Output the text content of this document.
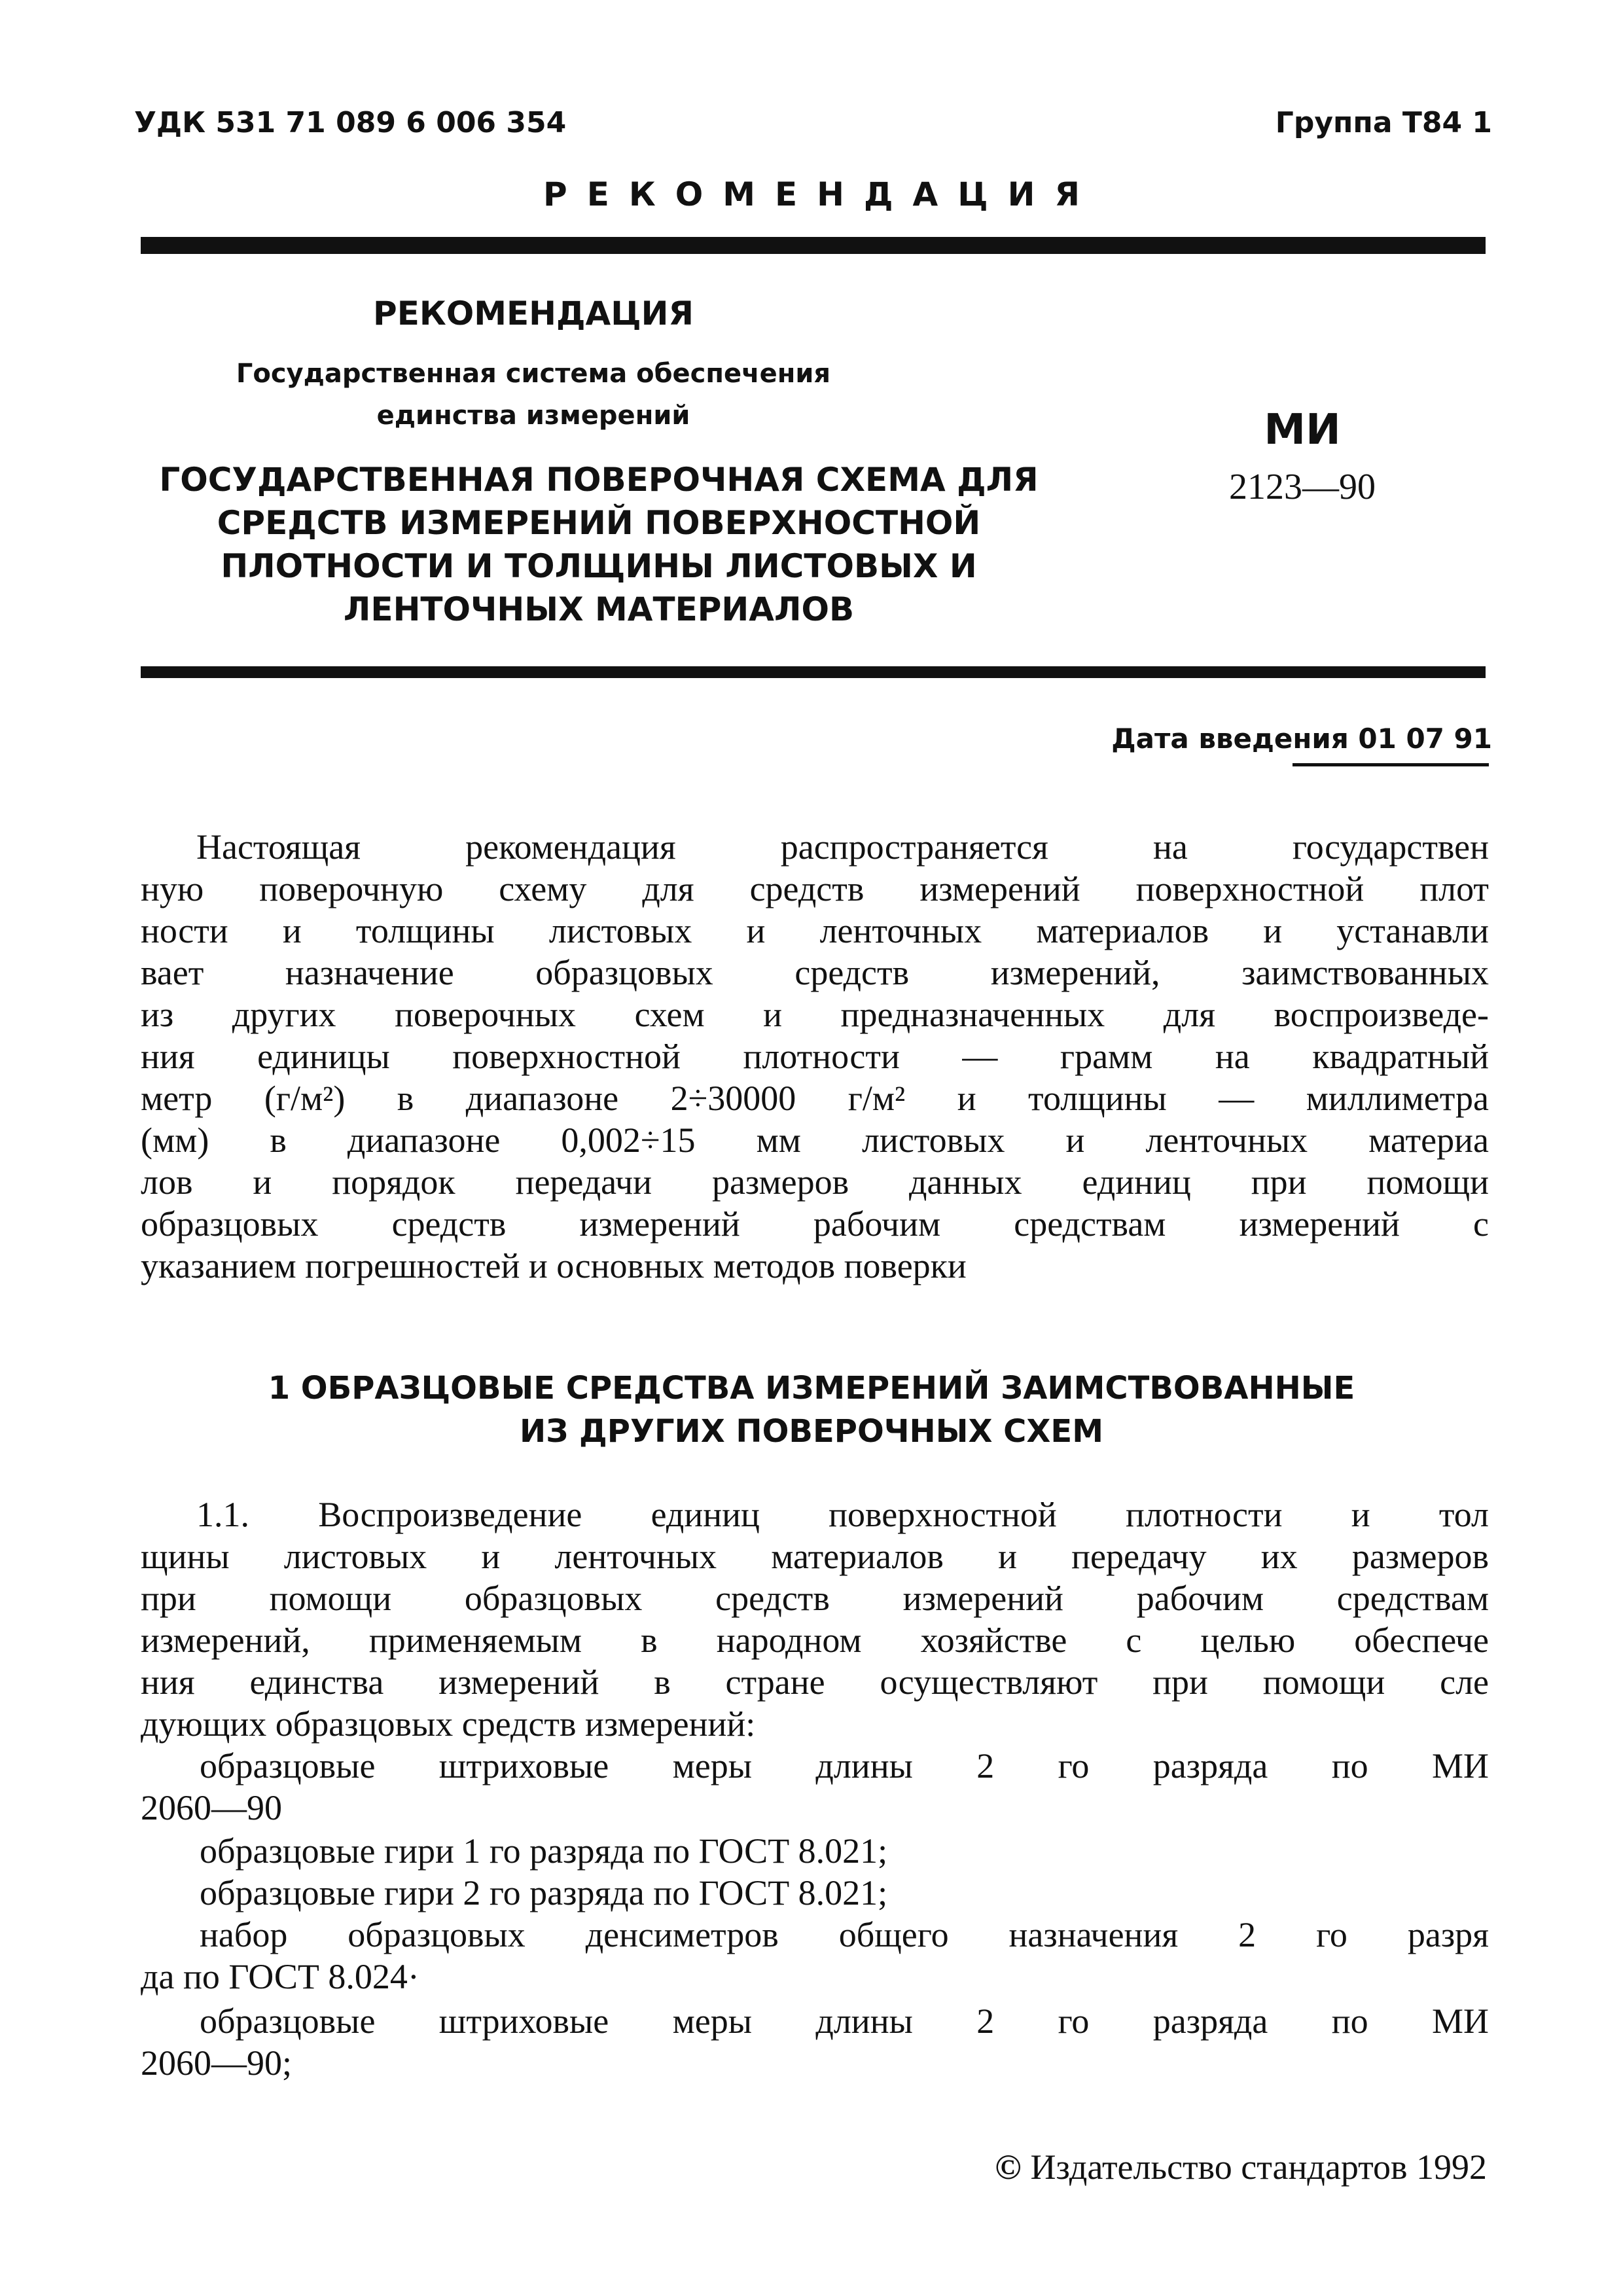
УДК 531 71 089 6 006 354	Группа Т84 1
РЕКОМЕНДАЦИЯ
РЕКОМЕНДАЦИЯ
Государственная система обеспечения
единства измерений
ГОСУДАРСТВЕННАЯ ПОВЕРОЧНАЯ СХЕМА ДЛЯ
СРЕДСТВ ИЗМЕРЕНИЙ ПОВЕРХНОСТНОЙ
ПЛОТНОСТИ И ТОЛЩИНЫ ЛИСТОВЫХ И
ЛЕНТОЧНЫХ МАТЕРИАЛОВ
МИ
2123—90
Дата введения 01 07 91
Настоящая рекомендация распространяется на государствен
ную поверочную схему для средств измерений поверхностной плот
ности и толщины листовых и ленточных материалов и устанавли
вает назначение образцовых средств измерений, заимствованных
из других поверочных схем и предназначенных для воспроизведе-
ния единицы поверхностной плотности — грамм на квадратный
метр (г/м²) в диапазоне 2÷30000 г/м² и толщины — миллиметра
(мм) в диапазоне 0,002÷15 мм листовых и ленточных материа
лов и порядок передачи размеров данных единиц при помощи
образцовых средств измерений рабочим средствам измерений с
указанием погрешностей и основных методов поверки
1 ОБРАЗЦОВЫЕ СРЕДСТВА ИЗМЕРЕНИЙ ЗАИМСТВОВАННЫЕ
ИЗ ДРУГИХ ПОВЕРОЧНЫХ СХЕМ
1.1. Воспроизведение единиц поверхностной плотности и тол
щины листовых и ленточных материалов и передачу их размеров
при помощи образцовых средств измерений рабочим средствам
измерений, применяемым в народном хозяйстве с целью обеспече
ния единства измерений в стране осуществляют при помощи сле
дующих образцовых средств измерений:
образцовые штриховые меры длины 2 го разряда по МИ
2060—90
образцовые гири 1 го разряда по ГОСТ 8.021;
образцовые гири 2 го разряда по ГОСТ 8.021;
набор образцовых денсиметров общего назначения 2 го разря
да по ГОСТ 8.024·
образцовые штриховые меры длины 2 го разряда по МИ
2060—90;
© Издательство стандартов 1992
